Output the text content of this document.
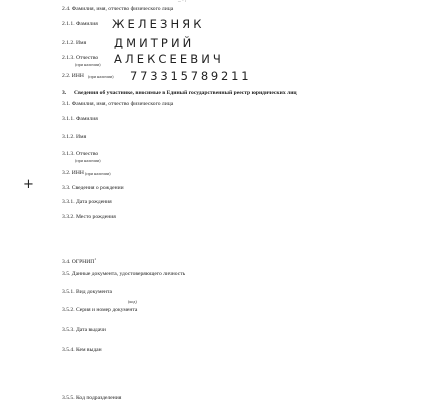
_ . ,
2.4. Фамилия, имя, отчество физического лица
2.1.1. Фамилия ЖЕЛЕЗНЯК
2.1.2. Имя ДМИТРИЙ
2.1.3. Отчество
(при наличии) АЛЕКСЕЕВИЧ
2.2. ИНН (при наличии) 773315789211
3. Сведения об участнике, вносимые в Единый государственный реестр юридических лиц
3.1. Фамилия, имя, отчество физического лица
3.1.1. Фамилия
3.1.2. Имя
3.1.3. Отчество
(при наличии)
3.2. ИНН (при наличии)
+	3.3. Сведения о рождении
3.3.1. Дата рождения
3.3.2. Место рождения
3.4. ОГРНИП$^1$
3.5. Данные документа, удостоверяющего личность
3.5.1. Вид документа
(код)
3.5.2. Серия и номер документа
3.5.3. Дата выдачи
3.5.4. Кем выдан
3.5.5. Код подразделения
